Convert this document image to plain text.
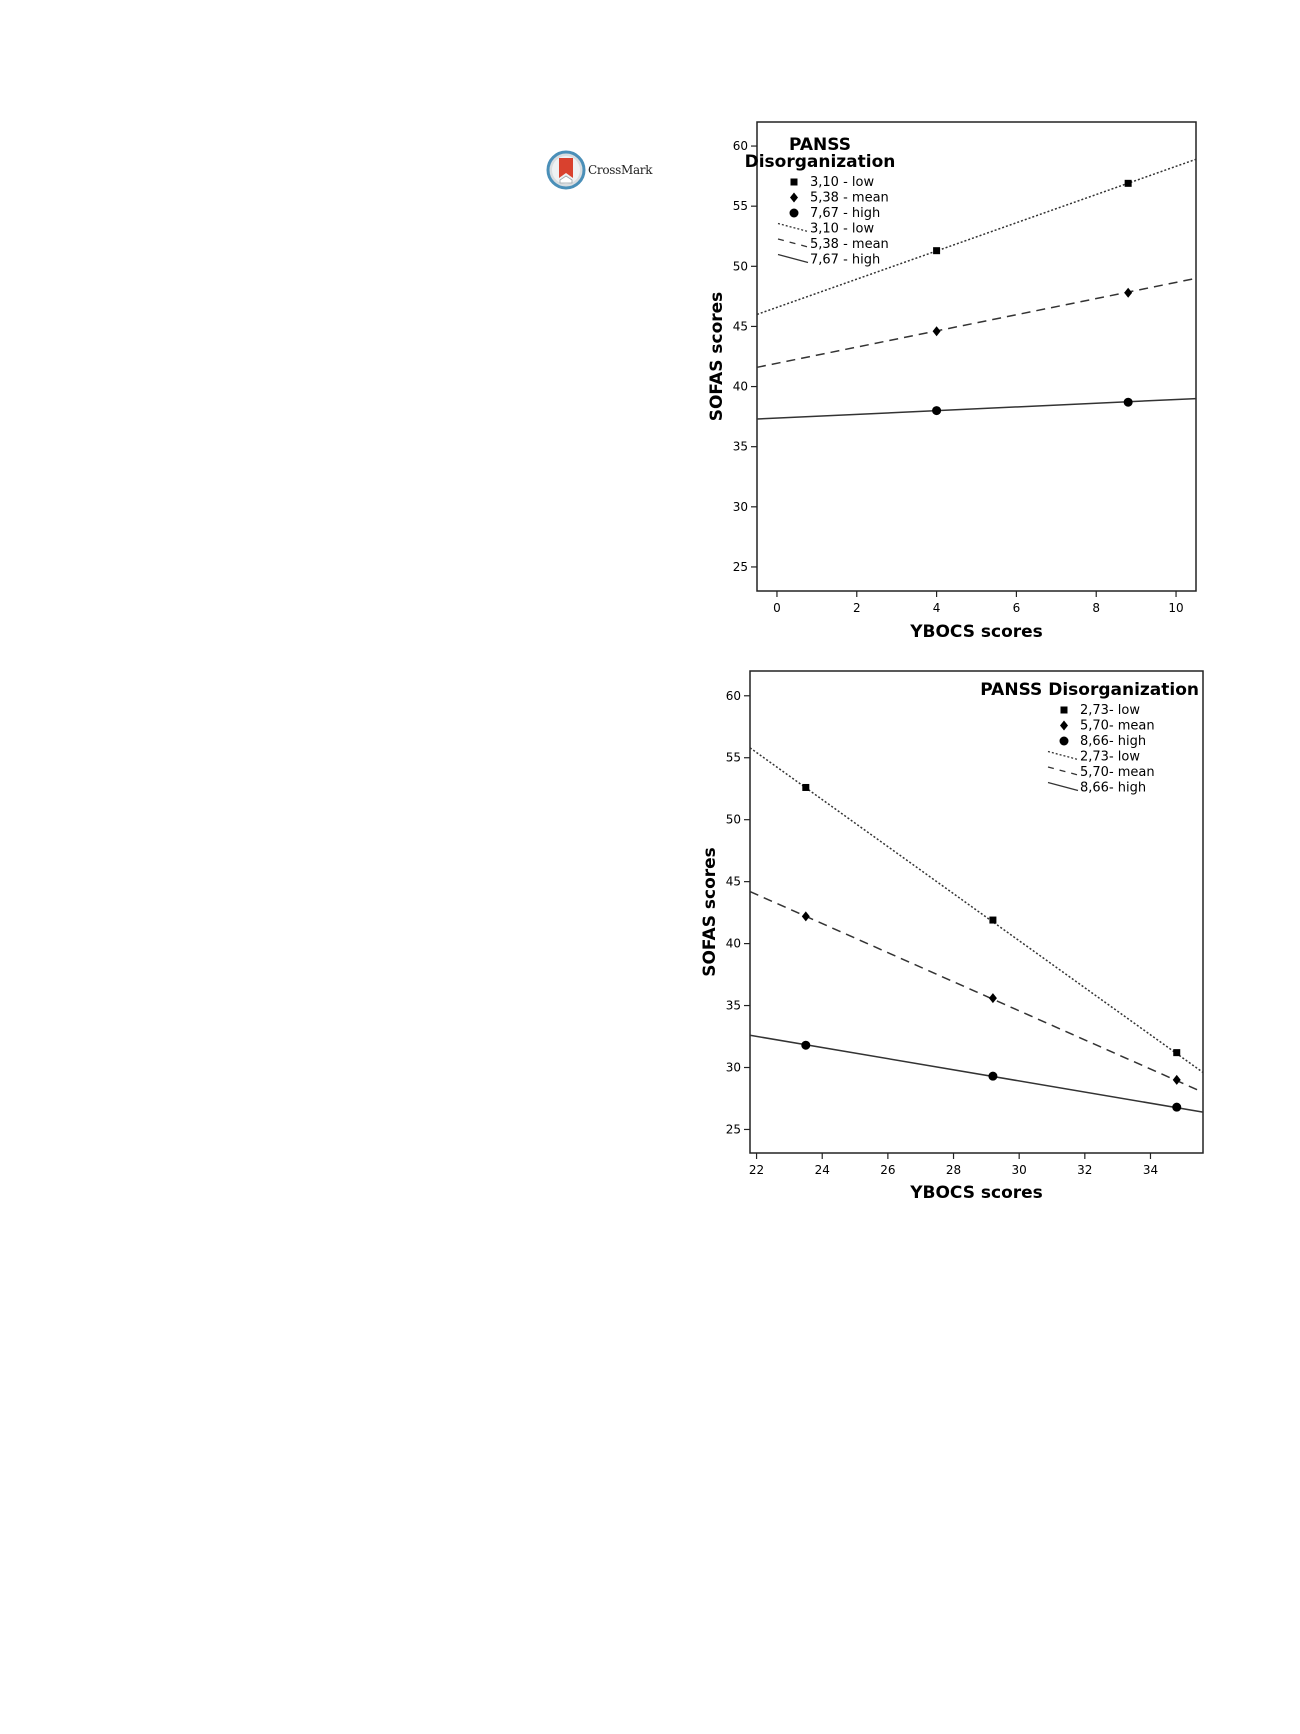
CrossMark
25
30
35
40
45
50
55
60
0	2	4	6	8	10
YBOCS scores
SOFAS scores
PANSS
Disorganization
3,10 - low
5,38 - mean
7,67 - high
3,10 - low
5,38 - mean
7,67 - high
25
30
35
40
45
50
55
60
22	24	26	28	30	32	34
YBOCS scores
SOFAS scores
PANSS Disorganization
2,73- low
5,70- mean
8,66- high
2,73- low
5,70- mean
8,66- high
